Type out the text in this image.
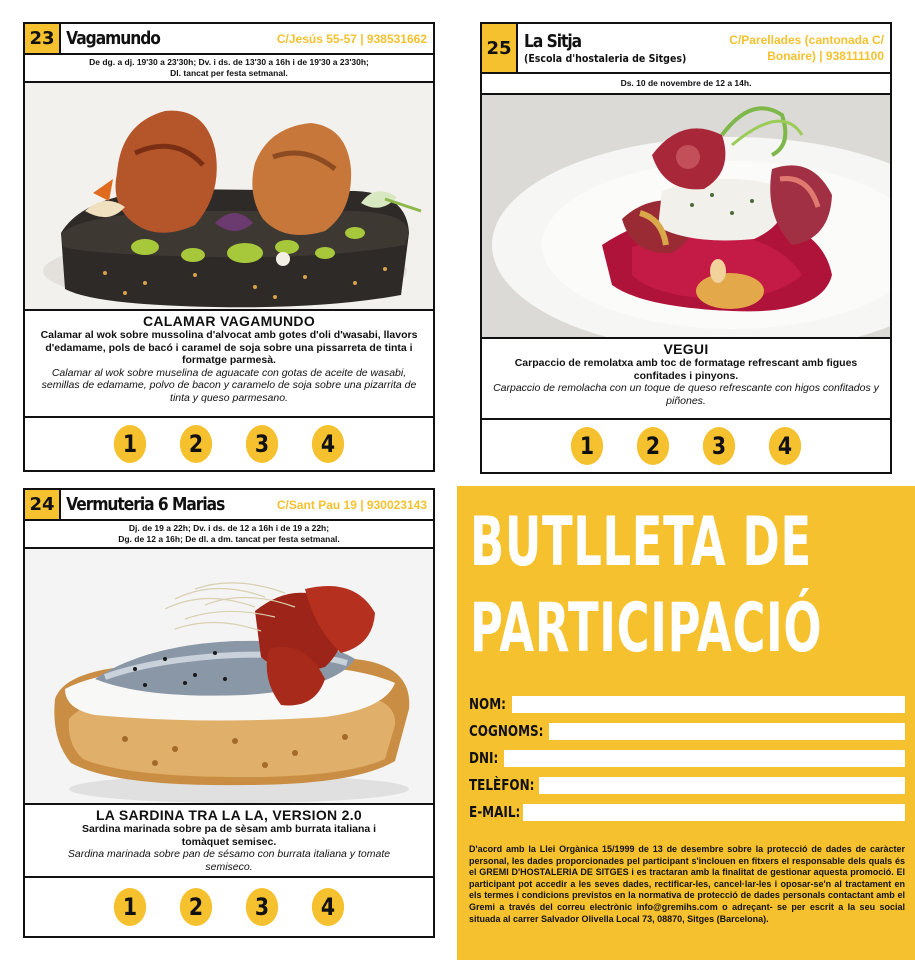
23 Vagamundo	C/Jesús 55-57 | 938531662
De dg. a dj. 19'30 a 23'30h; Dv. i ds. de 13'30 a 16h i de 19'30 a 23'30h;
Dl. tancat per festa setmanal.
CALAMAR VAGAMUNDO
Calamar al wok sobre mussolina d'alvocat amb gotes d'oli d'wasabi, llavors d'edamame, pols de bacó i caramel de soja sobre una pissarreta de tinta i formatge parmesà.
Calamar al wok sobre muselina de aguacate con gotas de aceite de wasabi, semillas de edamame, polvo de bacon y caramelo de soja sobre una pizarrita de tinta y queso parmesano.
1	2	3	4
25 La Sitja
(Escola d'hostaleria de Sitges)
C/Parellades (cantonada C/
Bonaire) | 938111100
Ds. 10 de novembre de 12 a 14h.
VEGUI
Carpaccio de remolatxa amb toc de formatage refrescant amb figues confitades i pinyons.
Carpaccio de remolacha con un toque de queso refrescante con higos confitados y piñones.
1	2	3	4
24 Vermuteria 6 Marias	C/Sant Pau 19 | 930023143
Dj. de 19 a 22h; Dv. i ds. de 12 a 16h i de 19 a 22h;
Dg. de 12 a 16h; De dl. a dm. tancat per festa setmanal.
LA SARDINA TRA LA LA, VERSION 2.0
Sardina marinada sobre pa de sèsam amb burrata italiana i tomàquet semisec.
Sardina marinada sobre pan de sésamo con burrata italiana y tomate semiseco.
1	2	3	4
BUTLLETA DE
PARTICIPACIÓ
NOM:
COGNOMS:
DNI:
TELÈFON:
E-MAIL:
D'acord amb la Llei Orgànica 15/1999 de 13 de desembre sobre la protecció de dades de caràcter personal, les dades proporcionades pel participant s'inclouen en fitxers el responsable dels quals és el GREMI D'HOSTALERIA DE SITGES i es tractaran amb la finalitat de gestionar aquesta promoció. El participant pot accedir a les seves dades, rectificar-les, cancel·lar-les i oposar-se'n al tractament en els termes i condicions previstos en la normativa de protecció de dades personals contactant amb el Gremi a través del correu electrònic info@gremihs.com o adreçant- se per escrit a la seu social situada al carrer Salvador Olivella Local 73, 08870, Sitges (Barcelona).
